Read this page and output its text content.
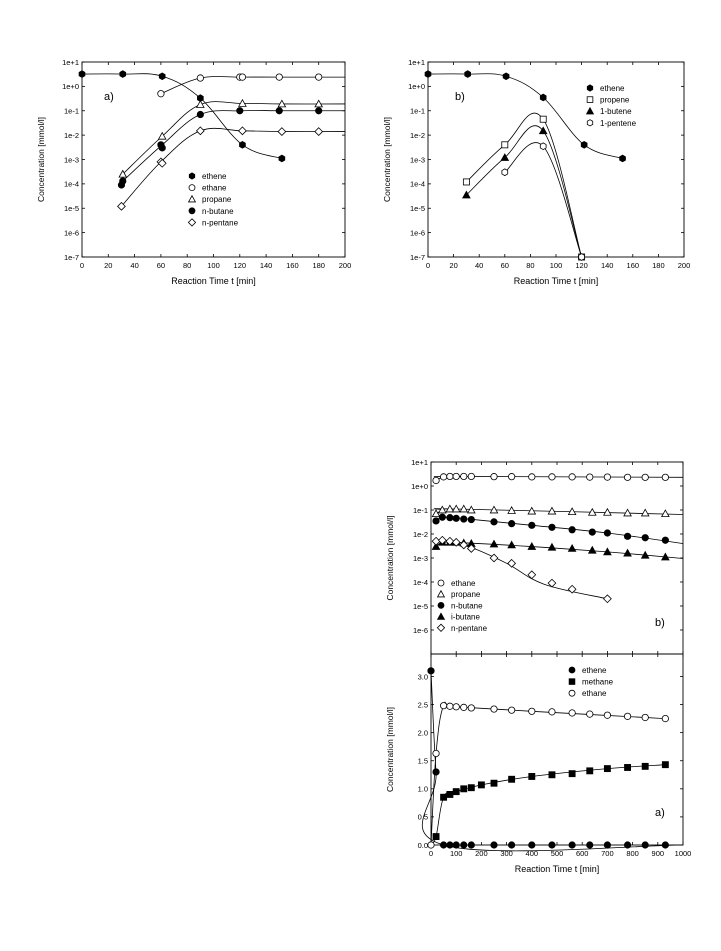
0	20 40 60 80 100 120 140 160 180 200
1e-7
1e-6
1e-5
1e-4
1e-3
1e-2
1e-1
1e+0
1e+1
Reaction Time t [min]
Concentration [mmol/l]
a)
ethene
ethane
propane
n-butane
n-pentane
0	20 40 60 80 100 120 140 160 180 200
1e-7
1e-6
1e-5
1e-4
1e-3
1e-2
1e-1
1e+0
1e+1
Reaction Time t [min]
Concentration [mmol/l]
b)
ethene
propene
1-butene
1-pentene
1e-6
1e-5
1e-4
1e-3
1e-2
1e-1
1e+0
1e+1
Concentration [mmol/l]
b)
ethane
propane
n-butane
i-butane
n-pentane
0 100 200 300 400 500 600 700 800 900 1000
0.0
0.5
1.0
1.5
2.0
2.5
3.0
Reaction Time t [min]
Concentration [mmol/l]
a)
ethene
methane
ethane
